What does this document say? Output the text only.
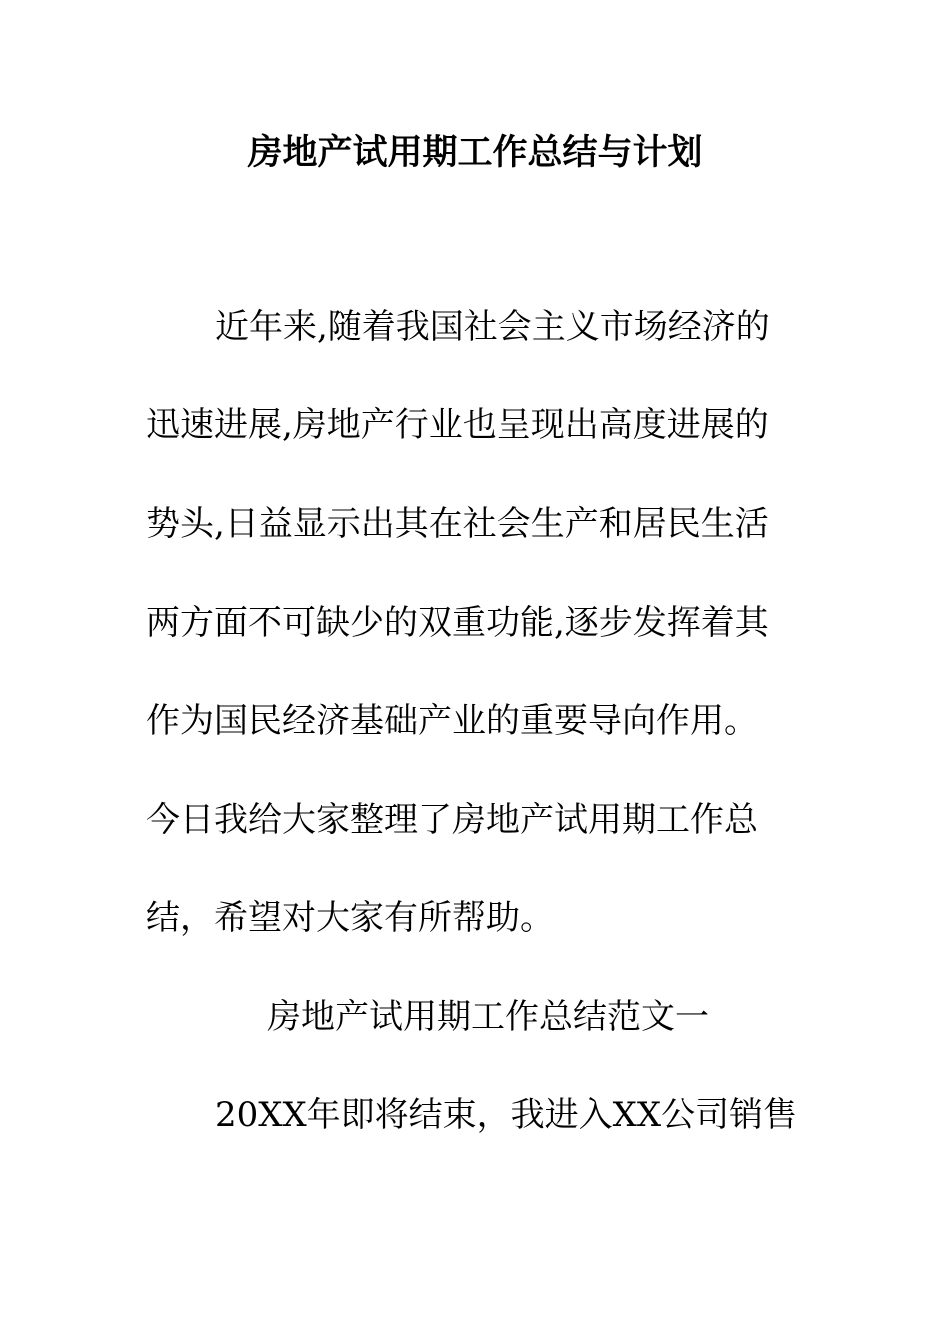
房地产试用期工作总结与计划
近年来,随着我国社会主义市场经济的
迅速进展,房地产行业也呈现出高度进展的
势头,日益显示出其在社会生产和居民生活
两方面不可缺少的双重功能,逐步发挥着其
作为国民经济基础产业的重要导向作用。
今日我给大家整理了房地产试用期工作总
结，希望对大家有所帮助。
房地产试用期工作总结范文一
20XX年即将结束，我进入XX公司销售
